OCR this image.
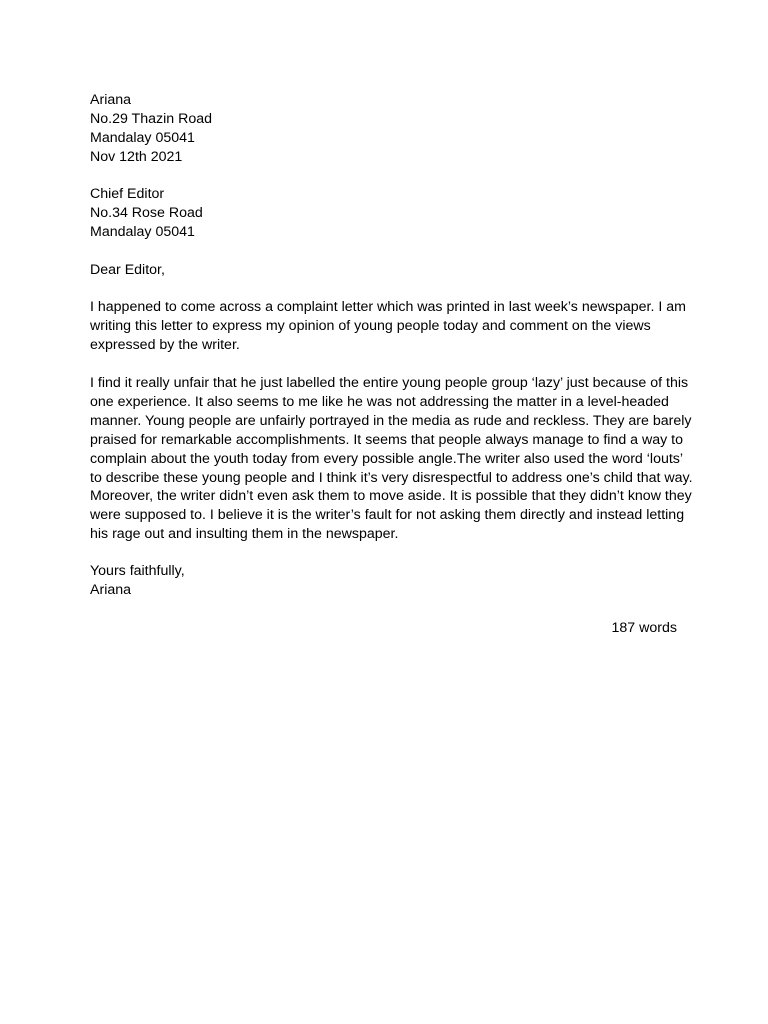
Ariana
No.29 Thazin Road
Mandalay 05041
Nov 12th 2021
Chief Editor
No.34 Rose Road
Mandalay 05041
Dear Editor,
I happened to come across a complaint letter which was printed in last week’s newspaper. I am
writing this letter to express my opinion of young people today and comment on the views
expressed by the writer.
I find it really unfair that he just labelled the entire young people group ‘lazy’ just because of this
one experience. It also seems to me like he was not addressing the matter in a level-headed
manner. Young people are unfairly portrayed in the media as rude and reckless. They are barely
praised for remarkable accomplishments. It seems that people always manage to find a way to
complain about the youth today from every possible angle.The writer also used the word ‘louts’
to describe these young people and I think it’s very disrespectful to address one’s child that way.
Moreover, the writer didn’t even ask them to move aside. It is possible that they didn’t know they
were supposed to. I believe it is the writer’s fault for not asking them directly and instead letting
his rage out and insulting them in the newspaper.
Yours faithfully,
Ariana
187 words
